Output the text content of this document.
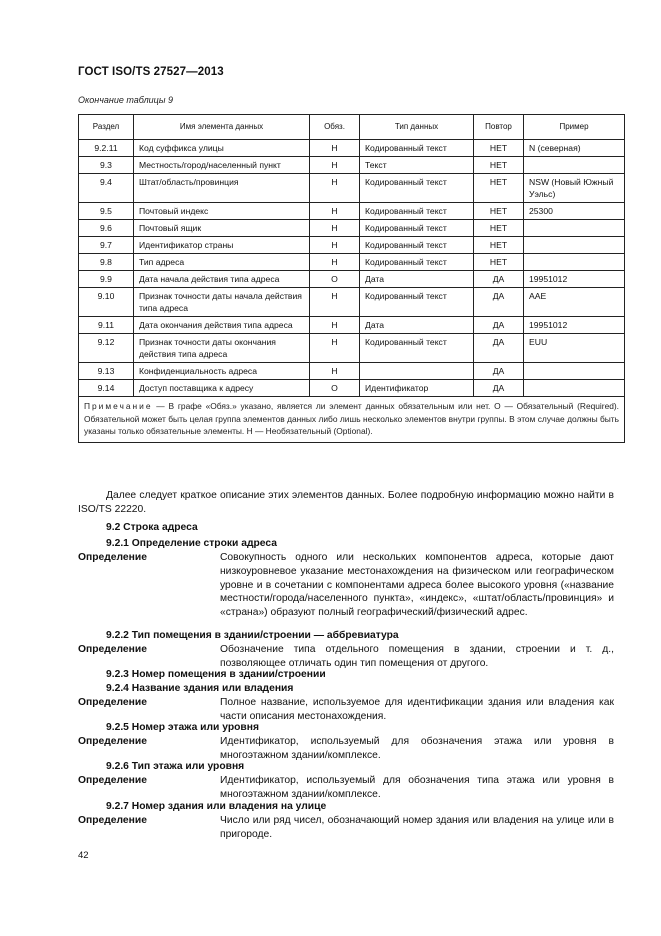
ГОСТ ISO/TS 27527—2013
Окончание таблицы 9
Раздел	Имя элемента данных	Обяз.	Тип данных	Повтор	Пример
9.2.11	Код суффикса улицы	Н	Кодированный текст	НЕТ	N (северная)
9.3	Местность/город/населенный пункт	Н	Текст	НЕТ	
9.4	Штат/область/провинция	Н	Кодированный текст	НЕТ	NSW (Новый Южный Уэльс)
9.5	Почтовый индекс	Н	Кодированный текст	НЕТ	25300
9.6	Почтовый ящик	Н	Кодированный текст	НЕТ	
9.7	Идентификатор страны	Н	Кодированный текст	НЕТ	
9.8	Тип адреса	Н	Кодированный текст	НЕТ	
9.9	Дата начала действия типа адреса	О	Дата	ДА	19951012
9.10	Признак точности даты начала действия типа адреса	Н	Кодированный текст	ДА	AAE
9.11	Дата окончания действия типа адреса	Н	Дата	ДА	19951012
9.12	Признак точности даты окончания действия типа адреса	Н	Кодированный текст	ДА	EUU
9.13	Конфиденциальность адреса	Н		ДА	
9.14	Доступ поставщика к адресу	О	Идентификатор	ДА	
Примечание — В графе «Обяз.» указано, является ли элемент данных обязательным или нет. О — Обязательный (Required). Обязательной может быть целая группа элементов данных либо лишь несколько элементов внутри группы. В этом случае должны быть указаны только обязательные элементы. Н — Необязательный (Optional).					
Далее следует краткое описание этих элементов данных. Более подробную информацию можно найти в ISO/TS 22220.
9.2 Строка адреса
9.2.1 Определение строки адреса
Определение	Совокупность одного или нескольких компонентов адреса, которые дают низкоуровневое указание местонахождения на физическом или географическом уровне и в сочетании с компонентами адреса более высокого уровня («название местности/города/населенного пункта», «индекс», «штат/область/провинция» и «страна») образуют полный географический/физический адрес.
9.2.2 Тип помещения в здании/строении — аббревиатура
Определение	Обозначение типа отдельного помещения в здании, строении и т. д., позволяющее отличать один тип помещения от другого.
9.2.3 Номер помещения в здании/строении
9.2.4 Название здания или владения
Определение	Полное название, используемое для идентификации здания или владения как части описания местонахождения.
9.2.5 Номер этажа или уровня
Определение	Идентификатор, используемый для обозначения этажа или уровня в многоэтажном здании/комплексе.
9.2.6 Тип этажа или уровня
Определение	Идентификатор, используемый для обозначения типа этажа или уровня в многоэтажном здании/комплексе.
9.2.7 Номер здания или владения на улице
Определение	Число или ряд чисел, обозначающий номер здания или владения на улице или в пригороде.
42
